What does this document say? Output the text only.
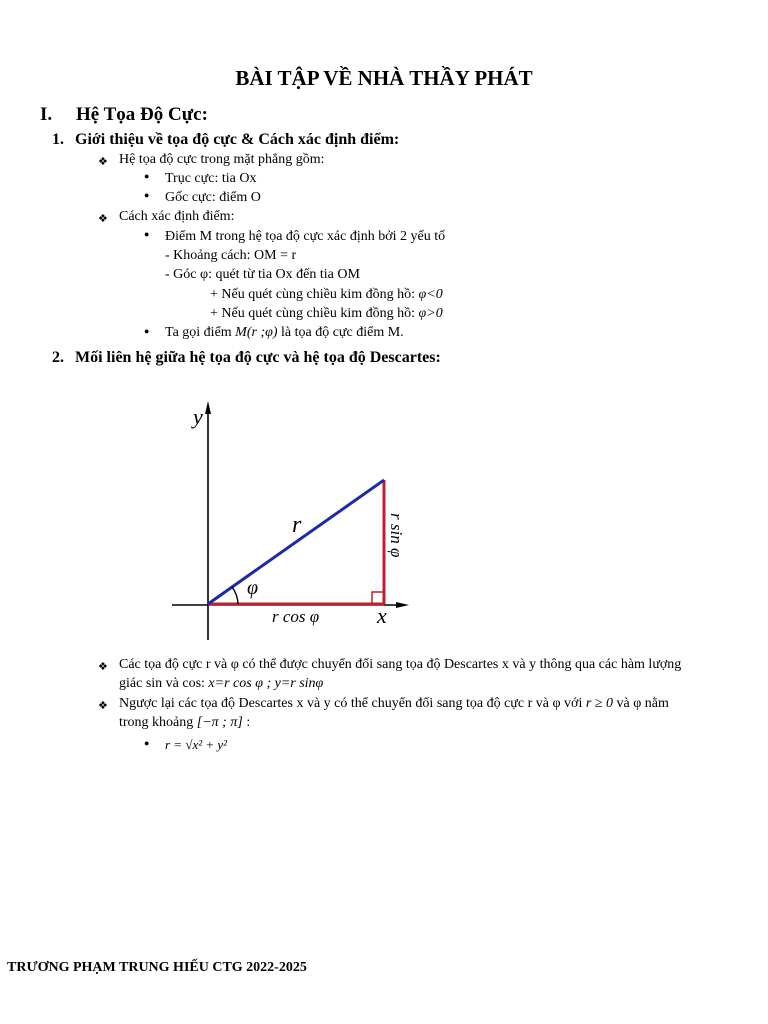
BÀI TẬP VỀ NHÀ THẦY PHÁT
I. Hệ Tọa Độ Cực:
1. Giới thiệu về tọa độ cực & Cách xác định điểm:
❖ Hệ tọa độ cực trong mặt phẳng gồm:
● Trục cực: tia Ox
● Gốc cực: điểm O
❖ Cách xác định điểm:
● Điểm M trong hệ tọa độ cực xác định bởi 2 yếu tố
- Khoảng cách: OM = r
- Góc φ: quét từ tia Ox đến tia OM
+ Nếu quét cùng chiều kim đồng hồ: φ<0
+ Nếu quét cùng chiều kim đồng hồ: φ>0
● Ta gọi điểm M(r ;φ) là tọa độ cực điểm M.
2. Mối liên hệ giữa hệ tọa độ cực và hệ tọa độ Descartes:
y
x
r
φ
r cos φ
r sin φ
❖ Các tọa độ cực r và φ có thể được chuyển đổi sang tọa độ Descartes x và y thông qua các hàm lượng
giác sin và cos: x=r cos φ ; y=r sinφ
❖ Ngược lại các tọa độ Descartes x và y có thể chuyển đổi sang tọa độ cực r và φ với r ≥ 0 và φ nằm
trong khoảng [−π ; π] :
● r = √x² + y²
TRƯƠNG PHẠM TRUNG HIẾU CTG 2022-2025
